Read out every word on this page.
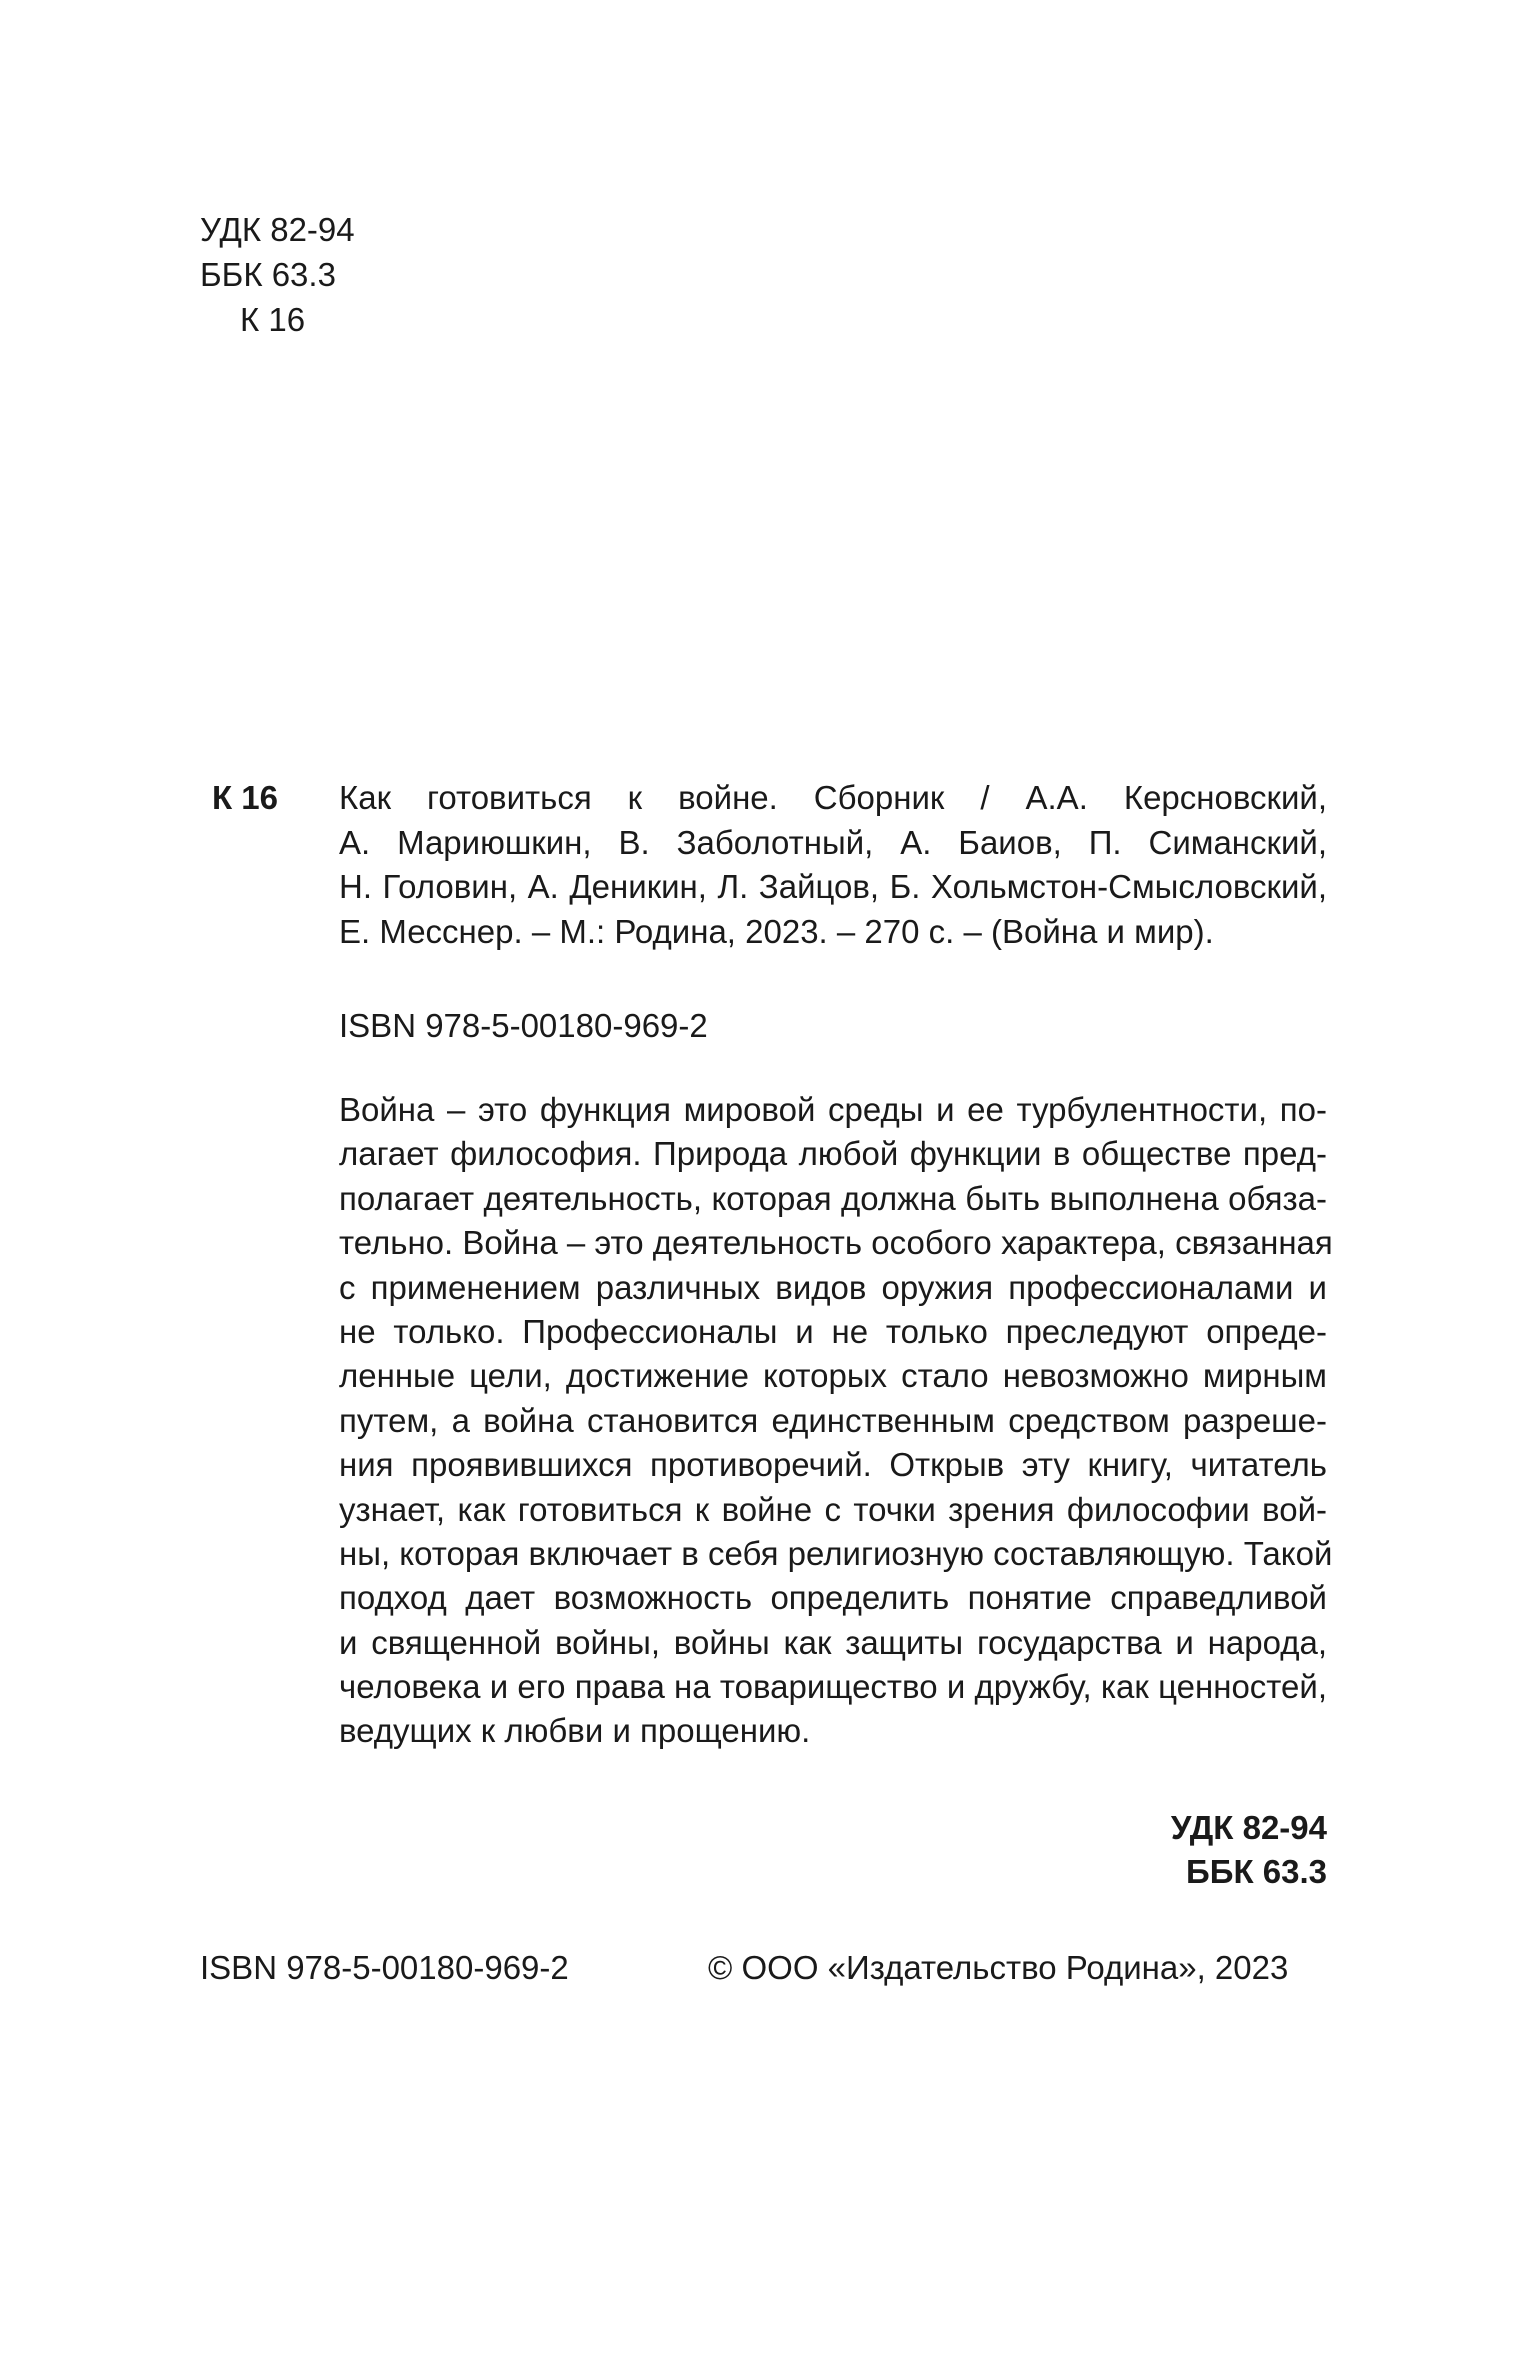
УДК 82-94
ББК 63.3
К 16
К 16 Как готовиться к войне. Сборник / А.А. Керсновский,
А. Мариюшкин, В. Заболотный, А. Баиов, П. Симанский,
Н. Головин, А. Деникин, Л. Зайцов, Б. Хольмстон-Смысловский,
Е. Месснер. – М.: Родина, 2023. – 270 с. – (Война и мир).
ISBN 978-5-00180-969-2
Война – это функция мировой среды и ее турбулентности, по-
лагает философия. Природа любой функции в обществе пред-
полагает деятельность, которая должна быть выполнена обяза-
тельно. Война – это деятельность особого характера, связанная
с применением различных видов оружия профессионалами и
не только. Профессионалы и не только преследуют опреде-
ленные цели, достижение которых стало невозможно мирным
путем, а война становится единственным средством разреше-
ния проявившихся противоречий. Открыв эту книгу, читатель
узнает, как готовиться к войне с точки зрения философии вой-
ны, которая включает в себя религиозную составляющую. Такой
подход дает возможность определить понятие справедливой
и священной войны, войны как защиты государства и народа,
человека и его права на товарищество и дружбу, как ценностей,
ведущих к любви и прощению.
УДК 82-94
ББК 63.3
ISBN 978-5-00180-969-2	© ООО «Издательство Родина», 2023
